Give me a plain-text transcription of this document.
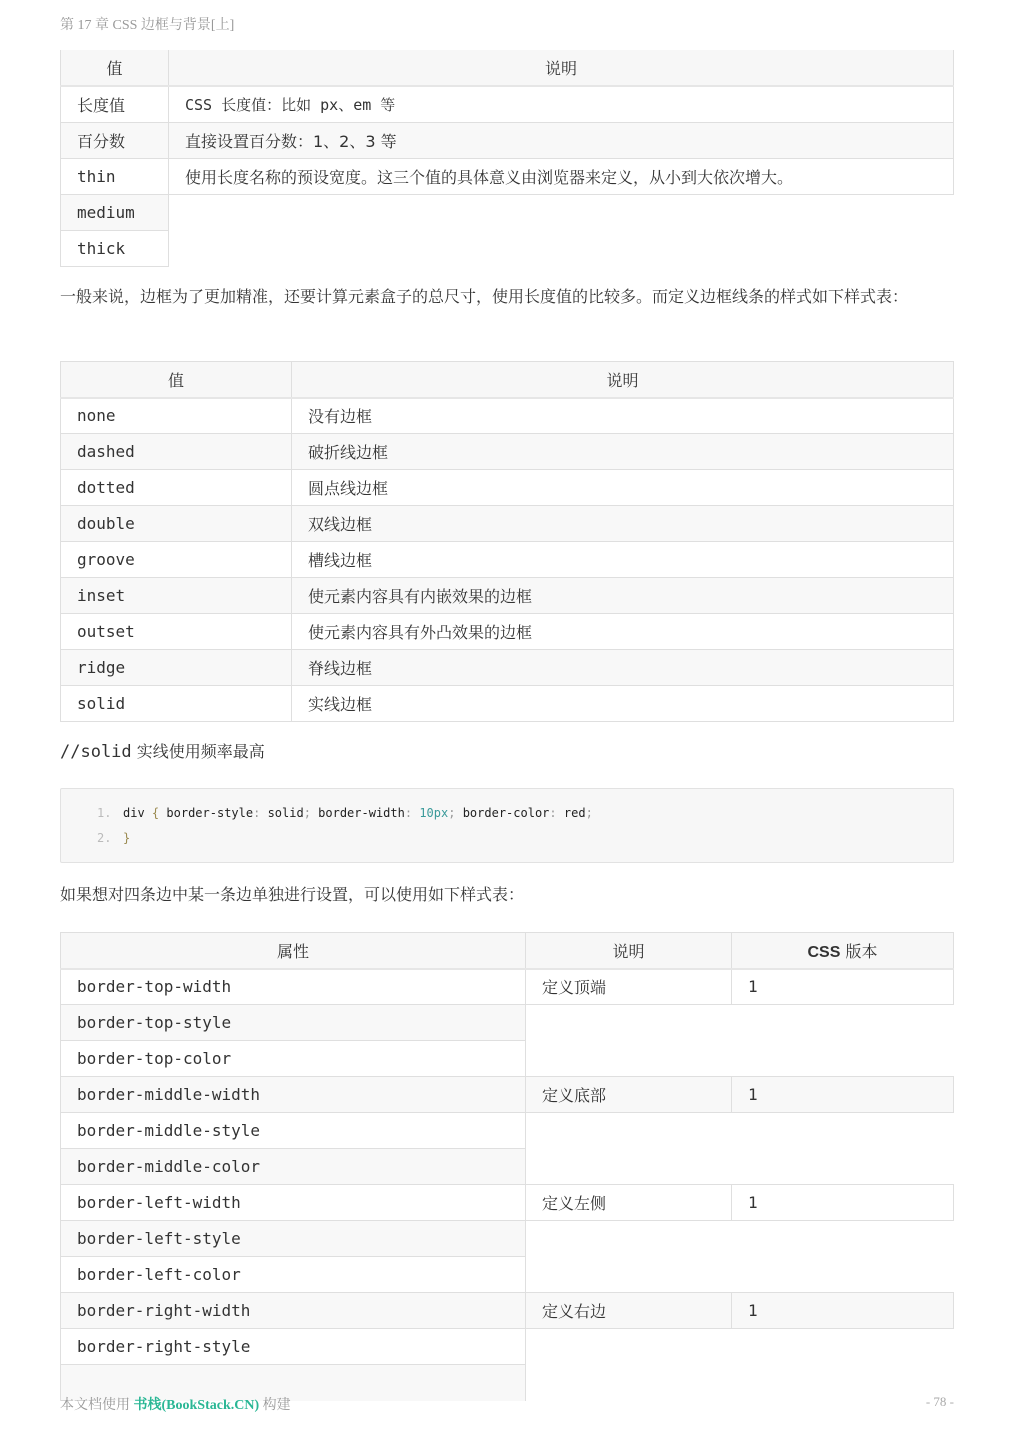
第 17 章 CSS 边框与背景[上]
值	说明
长度值	CSS 长度值：比如 px、em 等
百分数	直接设置百分数：1、2、3 等
thin	使用长度名称的预设宽度。这三个值的具体意义由浏览器来定义，从小到大依次增大。
medium	
thick	
一般来说，边框为了更加精准，还要计算元素盒子的总尺寸，使用长度值的比较多。而定义边框线条的样式如下样式表：
值	说明
none	没有边框
dashed	破折线边框
dotted	圆点线边框
double	双线边框
groove	槽线边框
inset	使元素内容具有内嵌效果的边框
outset	使元素内容具有外凸效果的边框
ridge	脊线边框
solid	实线边框
//solid 实线使用频率最高
1. div { border-style: solid; border-width: 10px; border-color: red;
2. }
如果想对四条边中某一条边单独进行设置，可以使用如下样式表：
属性	说明	CSS 版本
border-top-width	定义顶端	1
border-top-style		
border-top-color		
border-middle-width	定义底部	1
border-middle-style		
border-middle-color		
border-left-width	定义左侧	1
border-left-style		
border-left-color		
border-right-width	定义右边	1
border-right-style		

本文档使用 书栈(BookStack.CN) 构建	- 78 -
